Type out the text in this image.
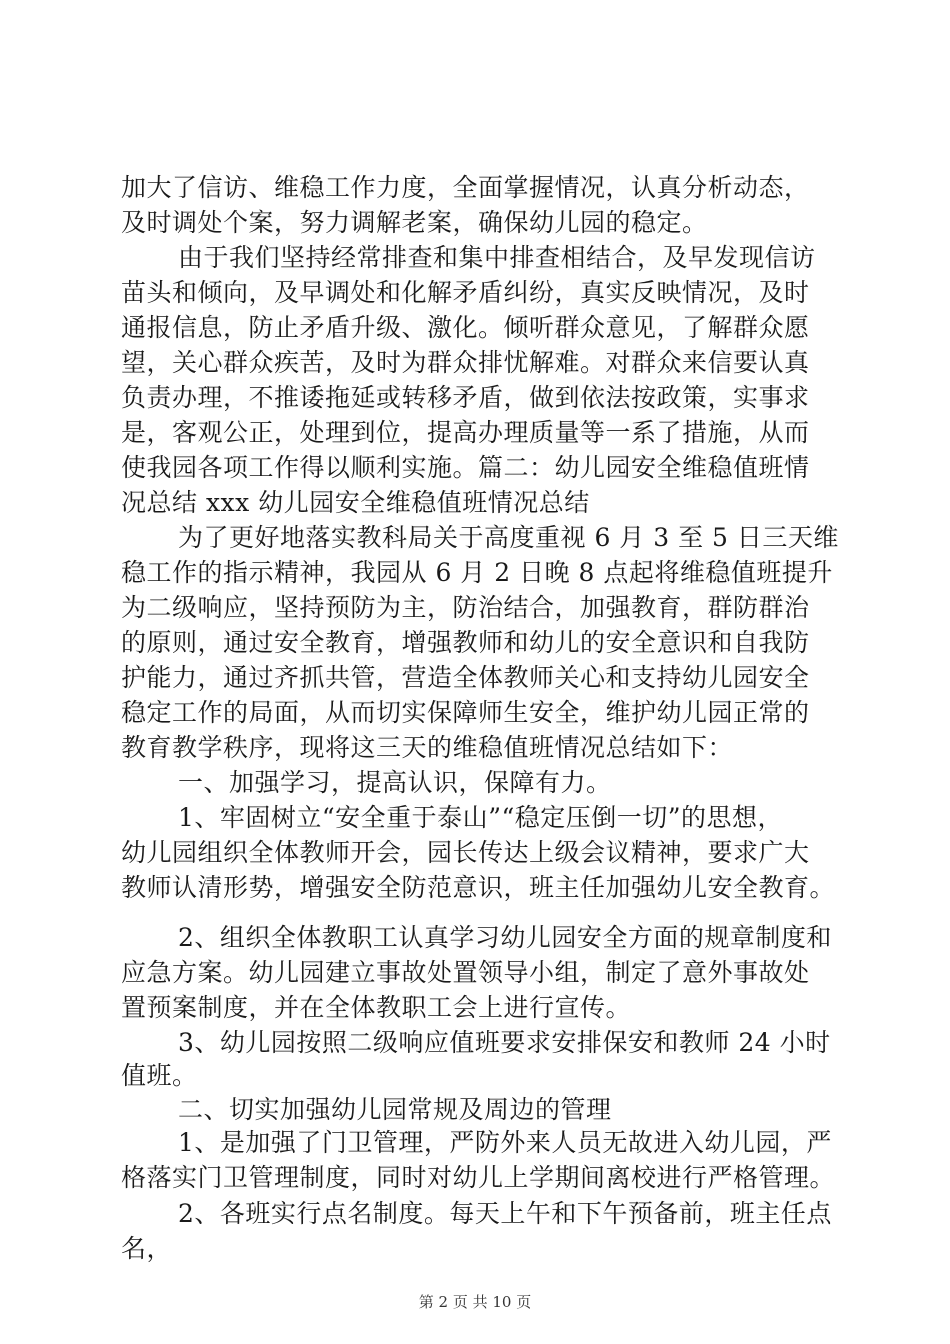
加大了信访、维稳工作力度，全面掌握情况，认真分析动态，
及时调处个案，努力调解老案，确保幼儿园的稳定。
由于我们坚持经常排查和集中排查相结合，及早发现信访
苗头和倾向，及早调处和化解矛盾纠纷，真实反映情况，及时
通报信息，防止矛盾升级、激化。倾听群众意见，了解群众愿
望，关心群众疾苦，及时为群众排忧解难。对群众来信要认真
负责办理，不推诿拖延或转移矛盾，做到依法按政策，实事求
是，客观公正，处理到位，提高办理质量等一系了措施，从而
使我园各项工作得以顺利实施。篇二：幼儿园安全维稳值班情
况总结 xxx 幼儿园安全维稳值班情况总结
为了更好地落实教科局关于高度重视 6 月 3 至 5 日三天维
稳工作的指示精神，我园从 6 月 2 日晚 8 点起将维稳值班提升
为二级响应，坚持预防为主，防治结合，加强教育，群防群治
的原则，通过安全教育，增强教师和幼儿的安全意识和自我防
护能力，通过齐抓共管，营造全体教师关心和支持幼儿园安全
稳定工作的局面，从而切实保障师生安全，维护幼儿园正常的
教育教学秩序，现将这三天的维稳值班情况总结如下：
一、加强学习，提高认识，保障有力。
1、牢固树立“安全重于泰山”“稳定压倒一切”的思想，
幼儿园组织全体教师开会，园长传达上级会议精神，要求广大
教师认清形势，增强安全防范意识，班主任加强幼儿安全教育。
2、组织全体教职工认真学习幼儿园安全方面的规章制度和
应急方案。幼儿园建立事故处置领导小组，制定了意外事故处
置预案制度，并在全体教职工会上进行宣传。
3、幼儿园按照二级响应值班要求安排保安和教师 24 小时
值班。
二、切实加强幼儿园常规及周边的管理
1、是加强了门卫管理，严防外来人员无故进入幼儿园，严
格落实门卫管理制度，同时对幼儿上学期间离校进行严格管理。
第 2 页 共 10 页
2、各班实行点名制度。每天上午和下午预备前，班主任点
名，
